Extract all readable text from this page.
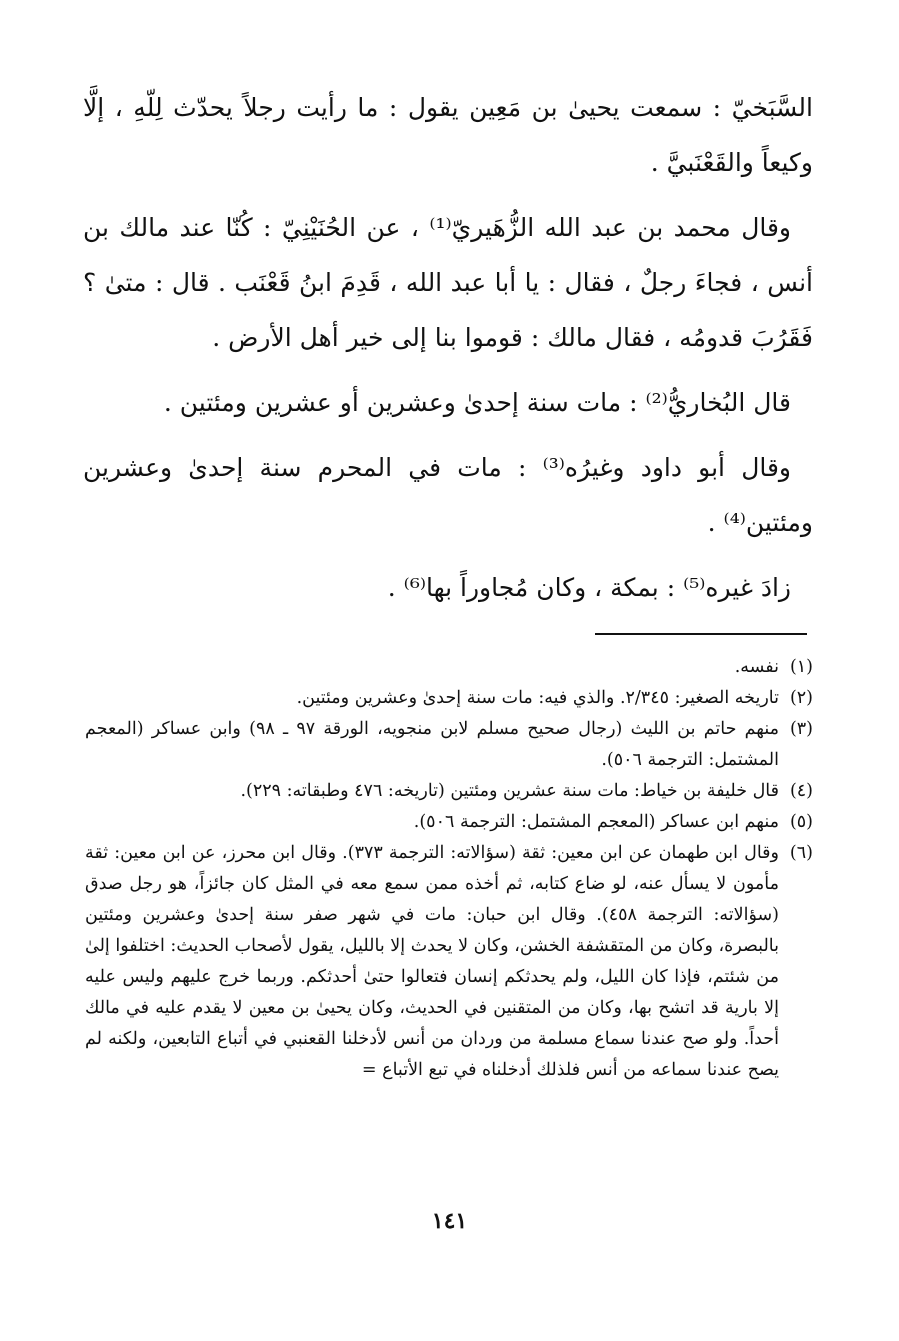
السَّبَخيّ : سمعت يحيىٰ بن مَعِين يقول : ما رأيت رجلاً يحدّث لِلّهِ ، إلَّا وكيعاً والقَعْنَبيَّ .

وقال محمد بن عبد الله الزُّهَيريّ⁽¹⁾ ، عن الحُنَيْنِيّ : كُنّا عند مالك بن أنس ، فجاءَ رجلٌ ، فقال : يا أبا عبد الله ، قَدِمَ ابنُ قَعْنَب . قال : متىٰ ؟ فَقَرُبَ قدومُه ، فقال مالك : قوموا بنا إلى خير أهل الأرض .

قال البُخاريُّ⁽²⁾ : مات سنة إحدىٰ وعشرين أو عشرين ومئتين .

وقال أبو داود وغيرُه⁽³⁾ : مات في المحرم سنة إحدىٰ وعشرين ومئتين⁽⁴⁾ .

زادَ غيره⁽⁵⁾ : بمكة ، وكان مُجاوراً بها⁽⁶⁾ .

(١)نفسه.
(٢)تاريخه الصغير: ٢/٣٤٥. والذي فيه: مات سنة إحدىٰ وعشرين ومئتين.
(٣)منهم حاتم بن الليث (رجال صحيح مسلم لابن منجويه، الورقة ٩٧ ـ ٩٨) وابن عساكر (المعجم المشتمل: الترجمة ٥٠٦).
(٤)قال خليفة بن خياط: مات سنة عشرين ومئتين (تاريخه: ٤٧٦ وطبقاته: ٢٢٩).
(٥)منهم ابن عساكر (المعجم المشتمل: الترجمة ٥٠٦).
(٦)وقال ابن طهمان عن ابن معين: ثقة (سؤالاته: الترجمة ٣٧٣). وقال ابن محرز، عن ابن معين: ثقة مأمون لا يسأل عنه، لو ضاع كتابه، ثم أخذه ممن سمع معه في المثل كان جائزاً، هو رجل صدق (سؤالاته: الترجمة ٤٥٨). وقال ابن حبان: مات في شهر صفر سنة إحدىٰ وعشرين ومئتين بالبصرة، وكان من المتقشفة الخشن، وكان لا يحدث إلا بالليل، يقول لأصحاب الحديث: اختلفوا إلىٰ من شئتم، فإذا كان الليل، ولم يحدثكم إنسان فتعالوا حتىٰ أحدثكم. وربما خرج عليهم وليس عليه إلا بارية قد اتشح بها، وكان من المتقنين في الحديث، وكان يحيىٰ بن معين لا يقدم عليه في مالك أحداً. ولو صح عندنا سماع مسلمة من وردان من أنس لأدخلنا القعنبي في أتباع التابعين، ولكنه لم يصح عندنا سماعه من أنس فلذلك أدخلناه في تبع الأتباع =
١٤١
